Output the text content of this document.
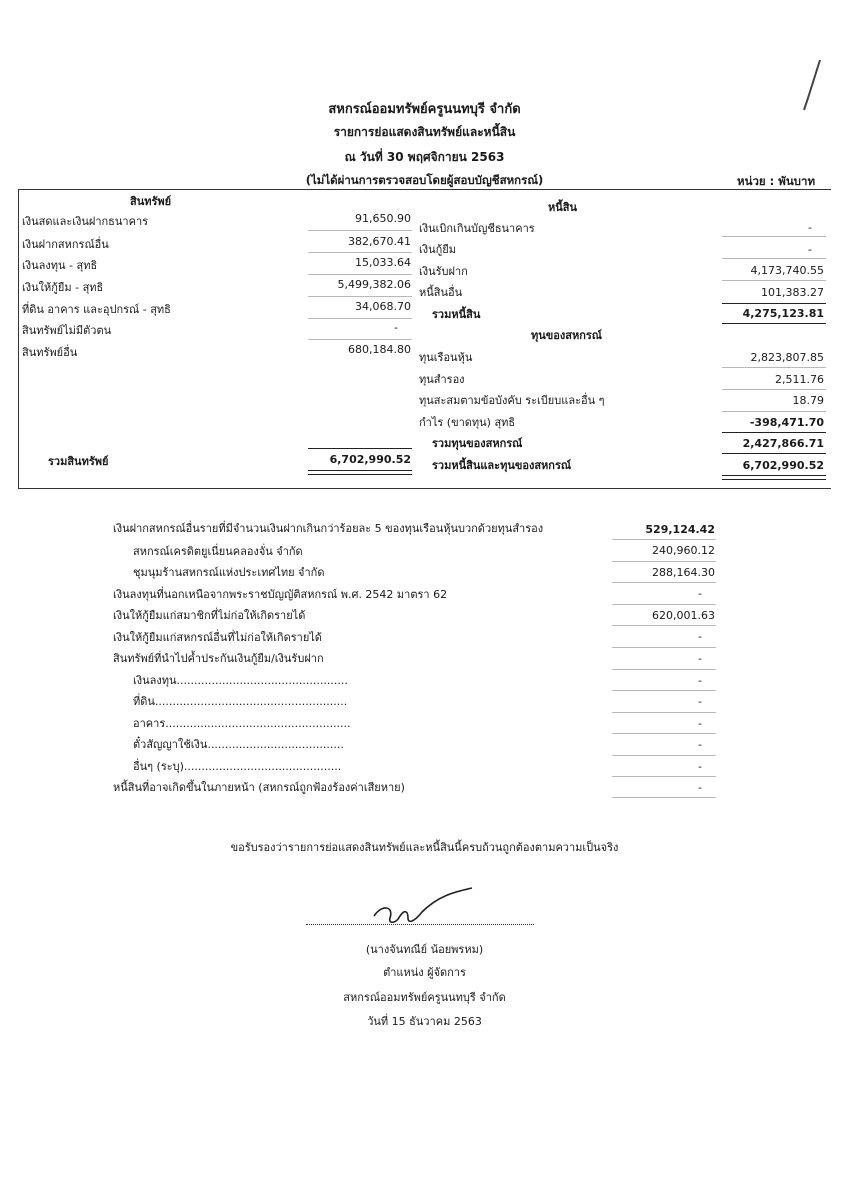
สหกรณ์ออมทรัพย์ครูนนทบุรี จำกัด
รายการย่อแสดงสินทรัพย์และหนี้สิน
ณ วันที่ 30 พฤศจิกายน 2563
(ไม่ได้ผ่านการตรวจสอบโดยผู้สอบบัญชีสหกรณ์)	หน่วย : พันบาท
สินทรัพย์
เงินสดและเงินฝากธนาคาร	91,650.90
เงินฝากสหกรณ์อื่น	382,670.41
เงินลงทุน - สุทธิ	15,033.64
เงินให้กู้ยืม - สุทธิ	5,499,382.06
ที่ดิน อาคาร และอุปกรณ์ - สุทธิ	34,068.70
สินทรัพย์ไม่มีตัวตน	-
สินทรัพย์อื่น	680,184.80
รวมสินทรัพย์	6,702,990.52
หนี้สิน
เงินเบิกเกินบัญชีธนาคาร	-
เงินกู้ยืม	-
เงินรับฝาก	4,173,740.55
หนี้สินอื่น	101,383.27
รวมหนี้สิน	4,275,123.81
ทุนของสหกรณ์
ทุนเรือนหุ้น	2,823,807.85
ทุนสำรอง	2,511.76
ทุนสะสมตามข้อบังคับ ระเบียบและอื่น ๆ	18.79
กำไร (ขาดทุน) สุทธิ	-398,471.70
รวมทุนของสหกรณ์	2,427,866.71
รวมหนี้สินและทุนของสหกรณ์	6,702,990.52
เงินฝากสหกรณ์อื่นรายที่มีจำนวนเงินฝากเกินกว่าร้อยละ 5 ของทุนเรือนหุ้นบวกด้วยทุนสำรอง	529,124.42
สหกรณ์เครดิตยูเนี่ยนคลองจั่น จำกัด	240,960.12
ชุมนุมร้านสหกรณ์แห่งประเทศไทย จำกัด	288,164.30
เงินลงทุนที่นอกเหนือจากพระราชบัญญัติสหกรณ์ พ.ศ. 2542 มาตรา 62	-
เงินให้กู้ยืมแก่สมาชิกที่ไม่ก่อให้เกิดรายได้	620,001.63
เงินให้กู้ยืมแก่สหกรณ์อื่นที่ไม่ก่อให้เกิดรายได้	-
สินทรัพย์ที่นำไปค้ำประกันเงินกู้ยืม/เงินรับฝาก	-
เงินลงทุน.................................................	-
ที่ดิน.......................................................	-
อาคาร.....................................................	-
ตั๋วสัญญาใช้เงิน.......................................	-
อื่นๆ (ระบุ).............................................	-
หนี้สินที่อาจเกิดขึ้นในภายหน้า (สหกรณ์ถูกฟ้องร้องค่าเสียหาย)	-
ขอรับรองว่ารายการย่อแสดงสินทรัพย์และหนี้สินนี้ครบถ้วนถูกต้องตามความเป็นจริง
(นางจันทณีย์ น้อยพรหม)
ตำแหน่ง ผู้จัดการ
สหกรณ์ออมทรัพย์ครูนนทบุรี จำกัด
วันที่ 15 ธันวาคม 2563
